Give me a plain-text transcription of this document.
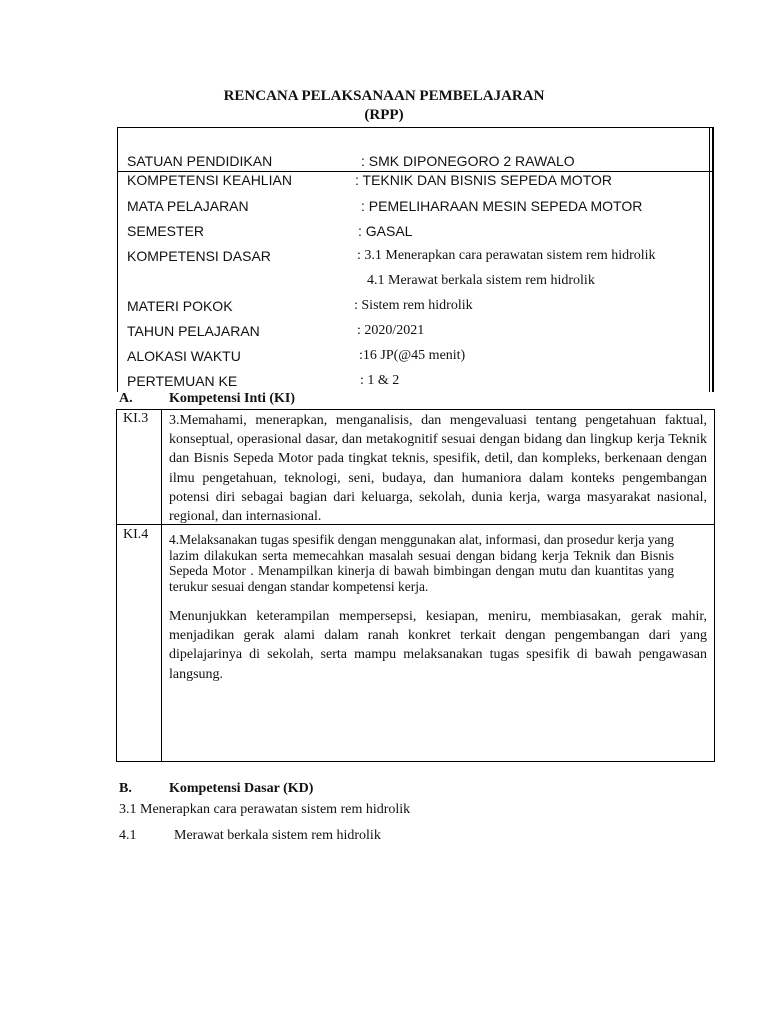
RENCANA PELAKSANAAN PEMBELAJARAN
(RPP)
SATUAN PENDIDIKAN	: SMK DIPONEGORO 2 RAWALO
KOMPETENSI KEAHLIAN	: TEKNIK DAN BISNIS SEPEDA MOTOR
MATA PELAJARAN	: PEMELIHARAAN MESIN SEPEDA MOTOR
SEMESTER	: GASAL
KOMPETENSI DASAR	: 3.1 Menerapkan cara perawatan sistem rem hidrolik
4.1 Merawat berkala sistem rem hidrolik
MATERI POKOK	: Sistem rem hidrolik
TAHUN PELAJARAN	: 2020/2021
ALOKASI WAKTU	:16 JP(@45 menit)
PERTEMUAN KE	: 1 & 2
A.	Kompetensi Inti (KI)
KI.3 3.Memahami, menerapkan, menganalisis, dan mengevaluasi tentang pengetahuan faktual, konseptual, operasional dasar, dan metakognitif sesuai dengan bidang dan lingkup kerja Teknik dan Bisnis Sepeda Motor pada tingkat teknis, spesifik, detil, dan kompleks, berkenaan dengan ilmu pengetahuan, teknologi, seni, budaya, dan humaniora dalam konteks pengembangan potensi diri sebagai bagian dari keluarga, sekolah, dunia kerja, warga masyarakat nasional, regional, dan internasional.
KI.4 4.Melaksanakan tugas spesifik dengan menggunakan alat, informasi, dan prosedur kerja yang lazim dilakukan serta memecahkan masalah sesuai dengan bidang kerja Teknik dan Bisnis Sepeda Motor . Menampilkan kinerja di bawah bimbingan dengan mutu dan kuantitas yang terukur sesuai dengan standar kompetensi kerja.
Menunjukkan keterampilan mempersepsi, kesiapan, meniru, membiasakan, gerak mahir, menjadikan gerak alami dalam ranah konkret terkait dengan pengembangan dari yang dipelajarinya di sekolah, serta mampu melaksanakan tugas spesifik di bawah pengawasan langsung.
B.	Kompetensi Dasar (KD)
3.1 Menerapkan cara perawatan sistem rem hidrolik
4.1	Merawat berkala sistem rem hidrolik
